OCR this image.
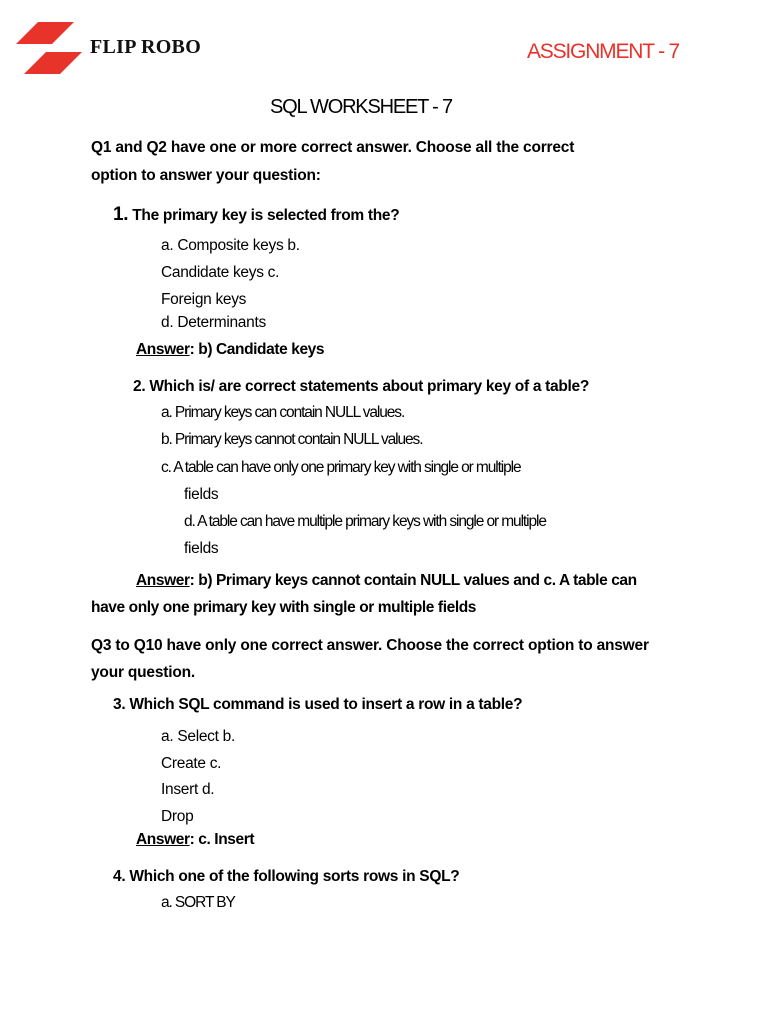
FLIP ROBO	ASSIGNMENT - 7
SQL WORKSHEET - 7
Q1 and Q2 have one or more correct answer. Choose all the correct
option to answer your question:
1. The primary key is selected from the?
a. Composite keys b.
Candidate keys c.
Foreign keys
d. Determinants
Answer: b) Candidate keys
2. Which is/ are correct statements about primary key of a table?
a. Primary keys can contain NULL values.
b. Primary keys cannot contain NULL values.
c. A table can have only one primary key with single or multiple
fields
d. A table can have multiple primary keys with single or multiple
fields
Answer: b) Primary keys cannot contain NULL values and c. A table can
have only one primary key with single or multiple fields
Q3 to Q10 have only one correct answer. Choose the correct option to answer
your question.
3. Which SQL command is used to insert a row in a table?
a. Select b.
Create c.
Insert d.
Drop
Answer: c. Insert
4. Which one of the following sorts rows in SQL?
a. SORT BY
